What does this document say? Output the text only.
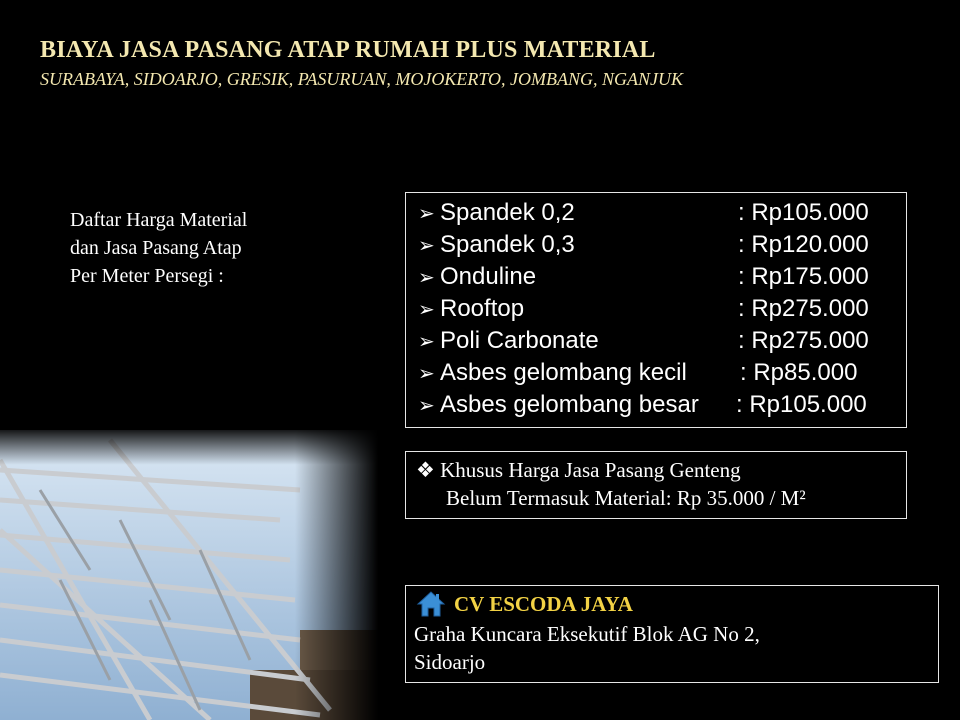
BIAYA JASA PASANG ATAP RUMAH PLUS MATERIAL
SURABAYA, SIDOARJO, GRESIK, PASURUAN, MOJOKERTO, JOMBANG, NGANJUK
Daftar Harga Material
dan Jasa Pasang Atap
Per Meter Persegi :
➢ Spandek 0,2	: Rp105.000
➢ Spandek 0,3	: Rp120.000
➢ Onduline	: Rp175.000
➢ Rooftop	: Rp275.000
➢ Poli Carbonate	: Rp275.000
➢ Asbes gelombang kecil : Rp85.000
➢ Asbes gelombang besar : Rp105.000
❖ Khusus Harga Jasa Pasang Genteng
Belum Termasuk Material: Rp 35.000 / M²
CV ESCODA JAYA
Graha Kuncara Eksekutif Blok AG No 2,
Sidoarjo
